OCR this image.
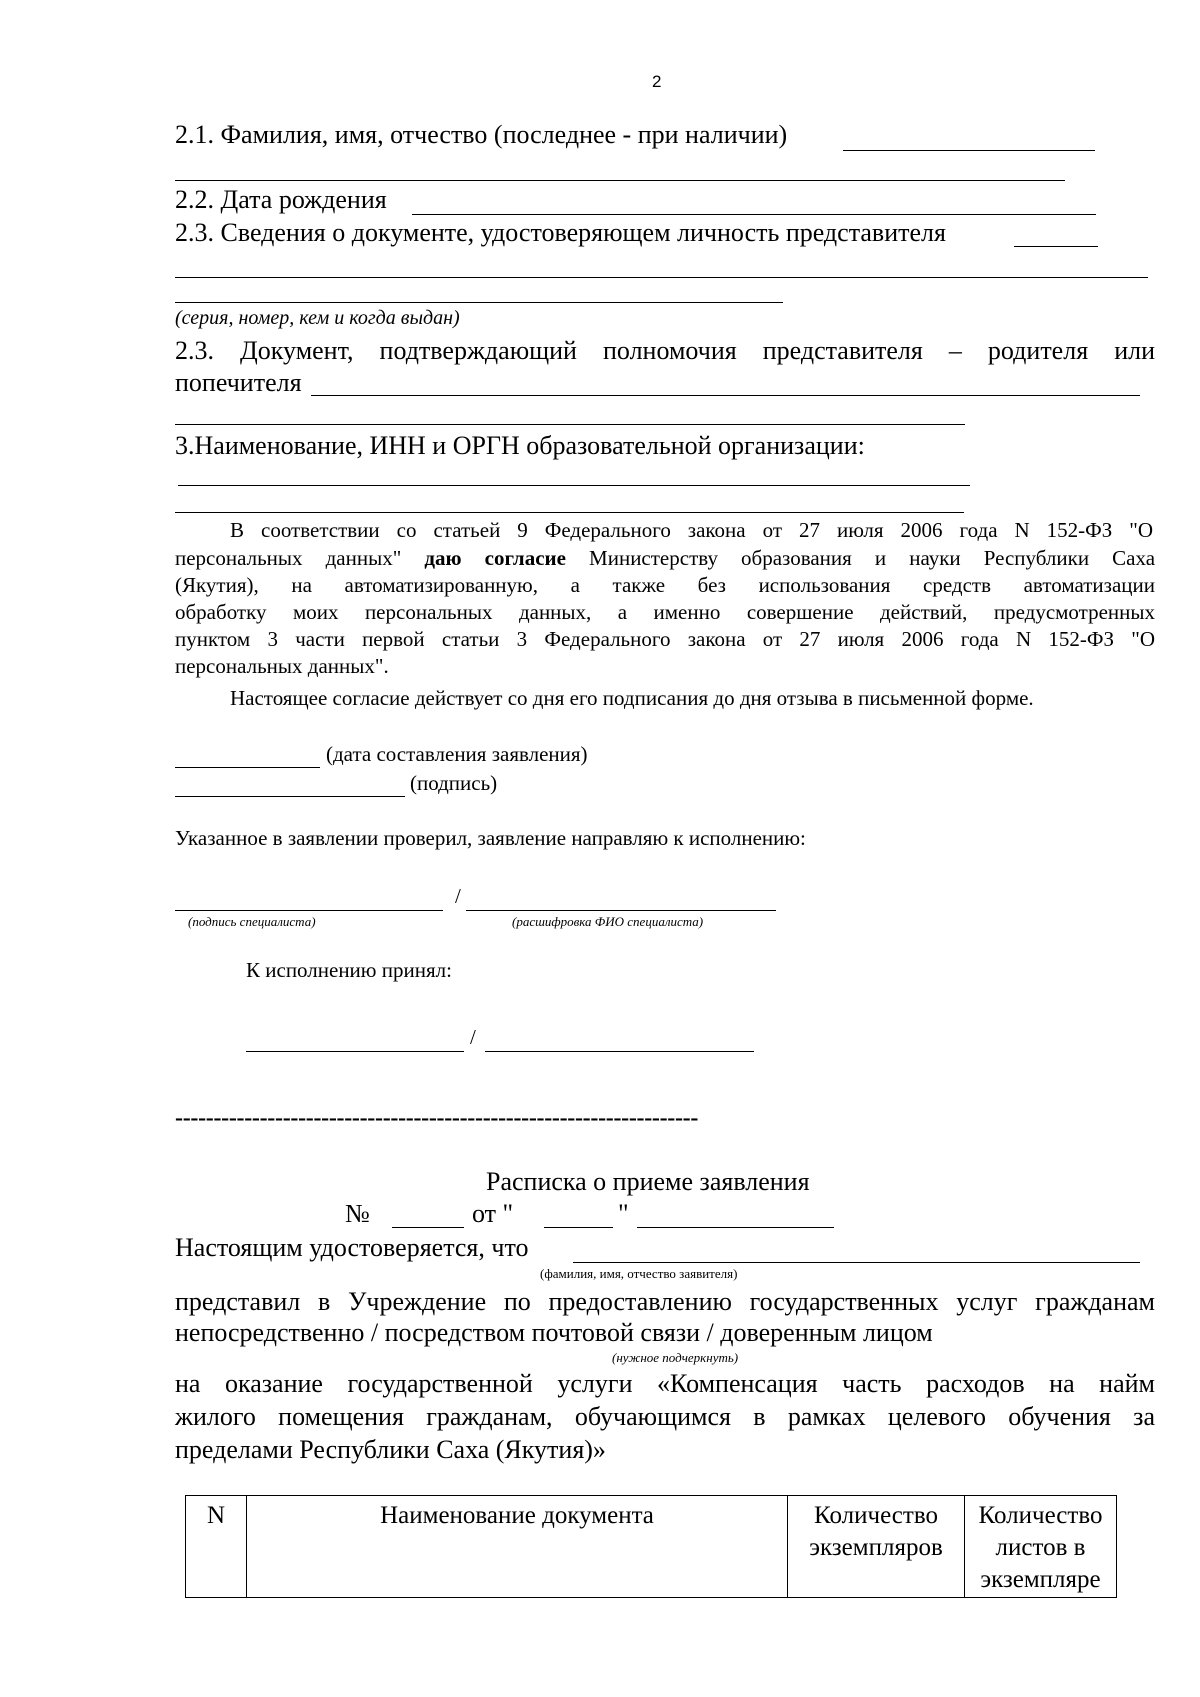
2
2.1. Фамилия, имя, отчество (последнее - при наличии)
2.2. Дата рождения
2.3. Сведения о документе, удостоверяющем личность представителя
(серия, номер, кем и когда выдан)
2.3. Документ, подтверждающий полномочия представителя – родителя или
попечителя
3.Наименование, ИНН и ОРГН образовательной организации:
В соответствии со статьей 9 Федерального закона от 27 июля 2006 года N 152-ФЗ "О
персональных данных" даю согласие Министерству образования и науки Республики Саха
(Якутия), на автоматизированную, а также без использования средств автоматизации
обработку моих персональных данных, а именно совершение действий, предусмотренных
пунктом 3 части первой статьи 3 Федерального закона от 27 июля 2006 года N 152-ФЗ "О
персональных данных".
Настоящее согласие действует со дня его подписания до дня отзыва в письменной форме.
(дата составления заявления)
(подпись)
Указанное в заявлении проверил, заявление направляю к исполнению:
/
(подпись специалиста)	(расшифровка ФИО специалиста)
К исполнению принял:
/
--------------------------------------------------------------------
Расписка о приеме заявления
№	от "	"
Настоящим удостоверяется, что
(фамилия, имя, отчество заявителя)
представил в Учреждение по предоставлению государственных услуг гражданам
непосредственно / посредством почтовой связи / доверенным лицом
(нужное подчеркнуть)
на оказание государственной услуги «Компенсация часть расходов на найм
жилого помещения гражданам, обучающимся в рамках целевого обучения за
пределами Республики Саха (Якутия)»
N	Наименование документа	Количество экземпляров	Количество листов в экземпляре
